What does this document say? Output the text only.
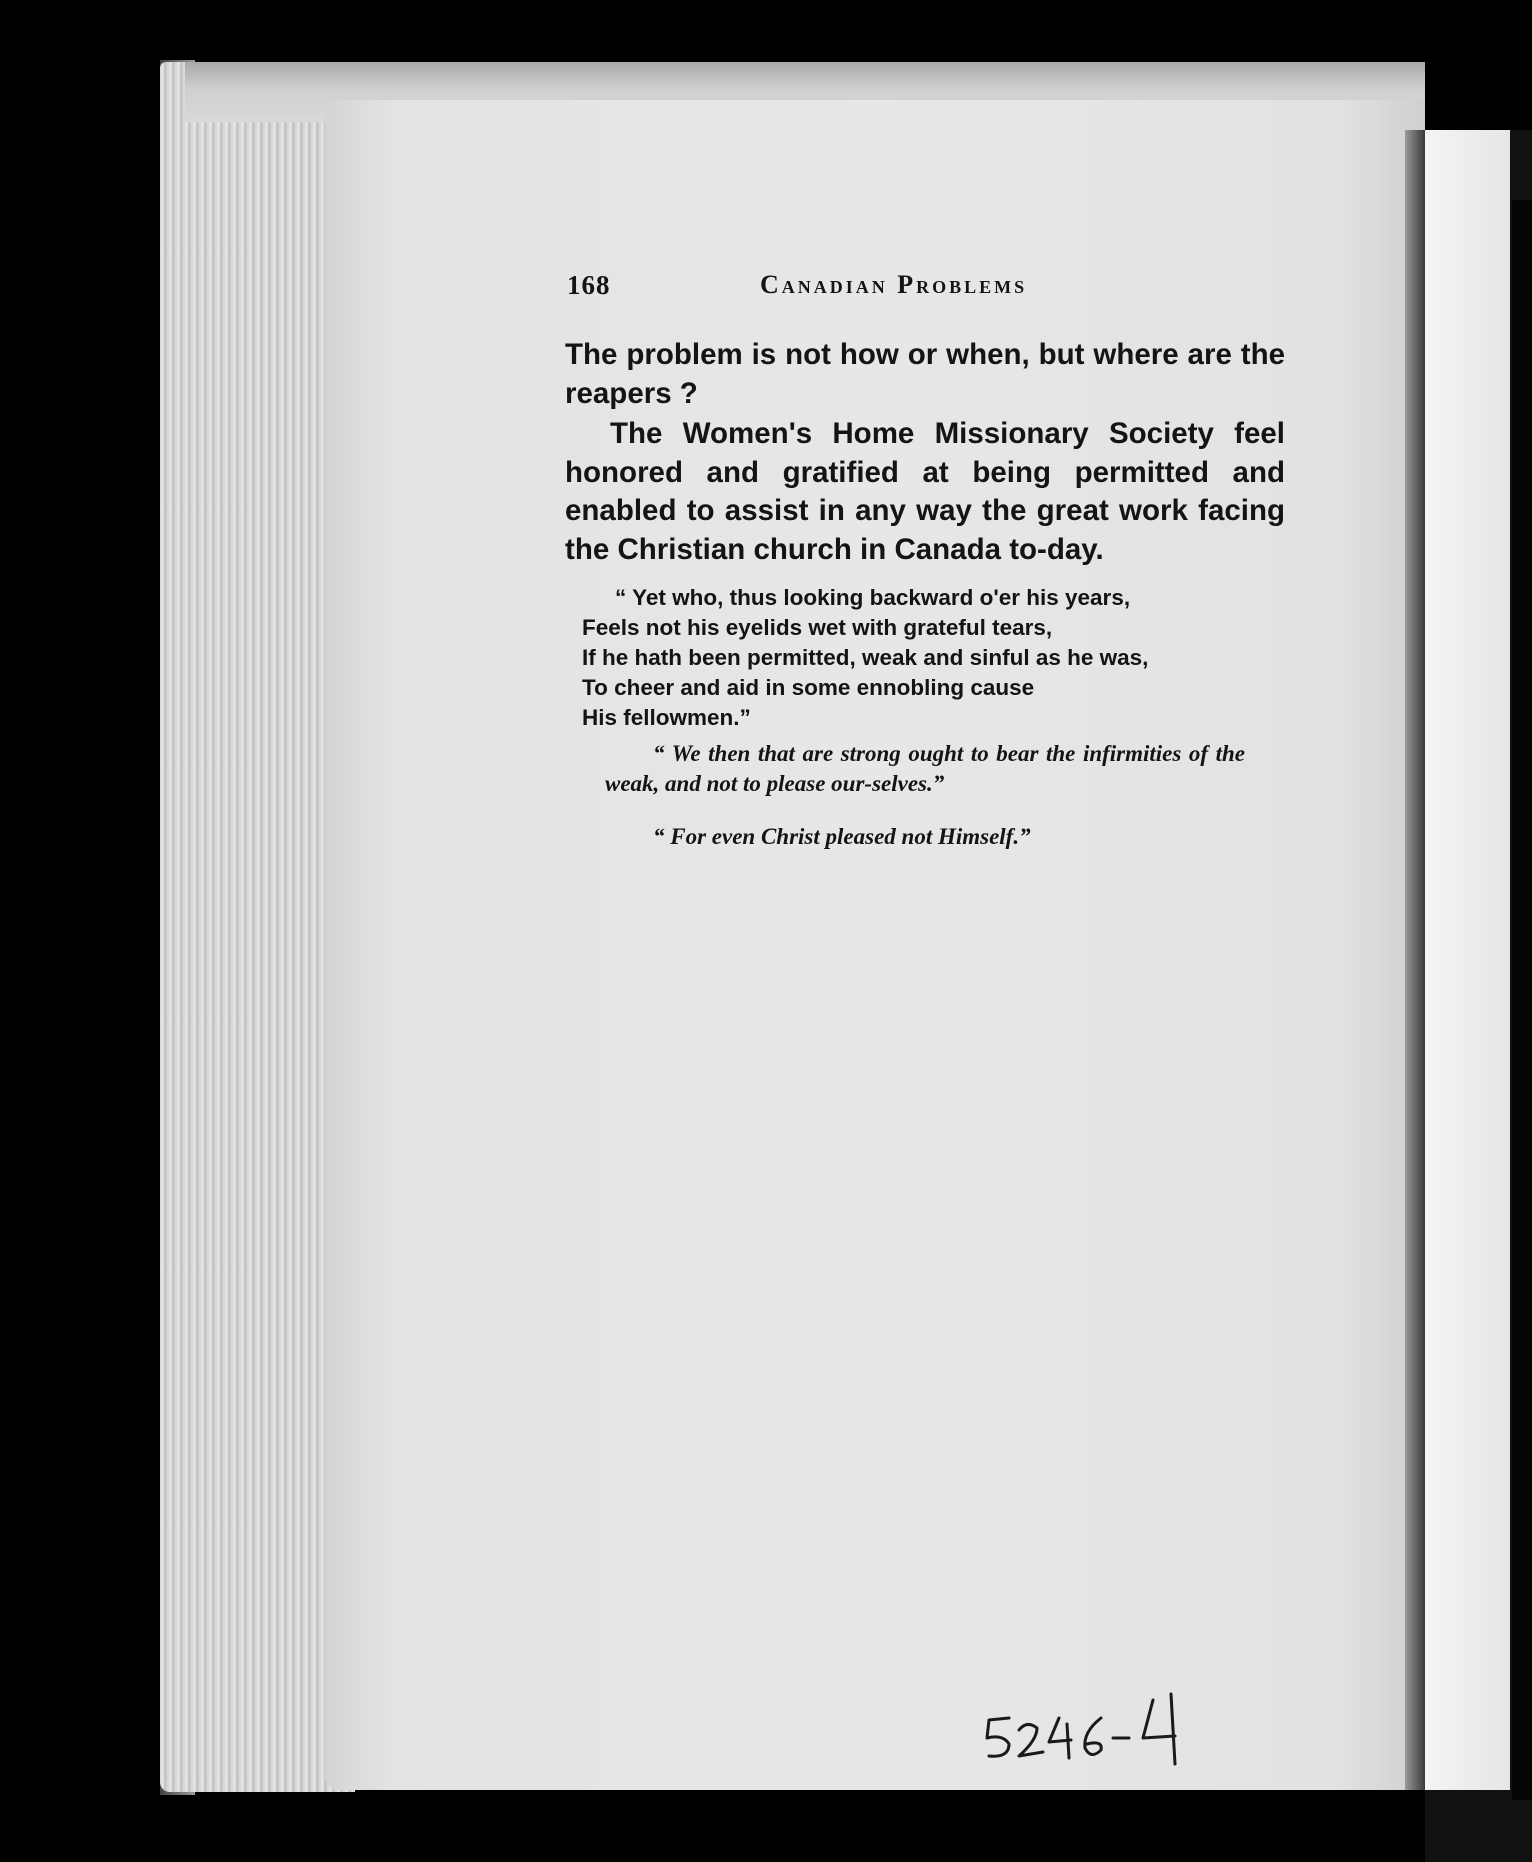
168	Canadian Problems

The problem is not how or when, but where are the reapers ?

The Women's Home Missionary Society feel honored and gratified at being permitted and enabled to assist in any way the great work facing the Christian church in Canada to-day.

“ Yet who, thus looking backward o'er his years,
Feels not his eyelids wet with grateful tears,
If he hath been permitted, weak and sinful as he was,
To cheer and aid in some ennobling cause
His fellowmen.”

“ We then that are strong ought to bear the infirmities of the weak, and not to please our-selves.”

“ For even Christ pleased not Himself.”
